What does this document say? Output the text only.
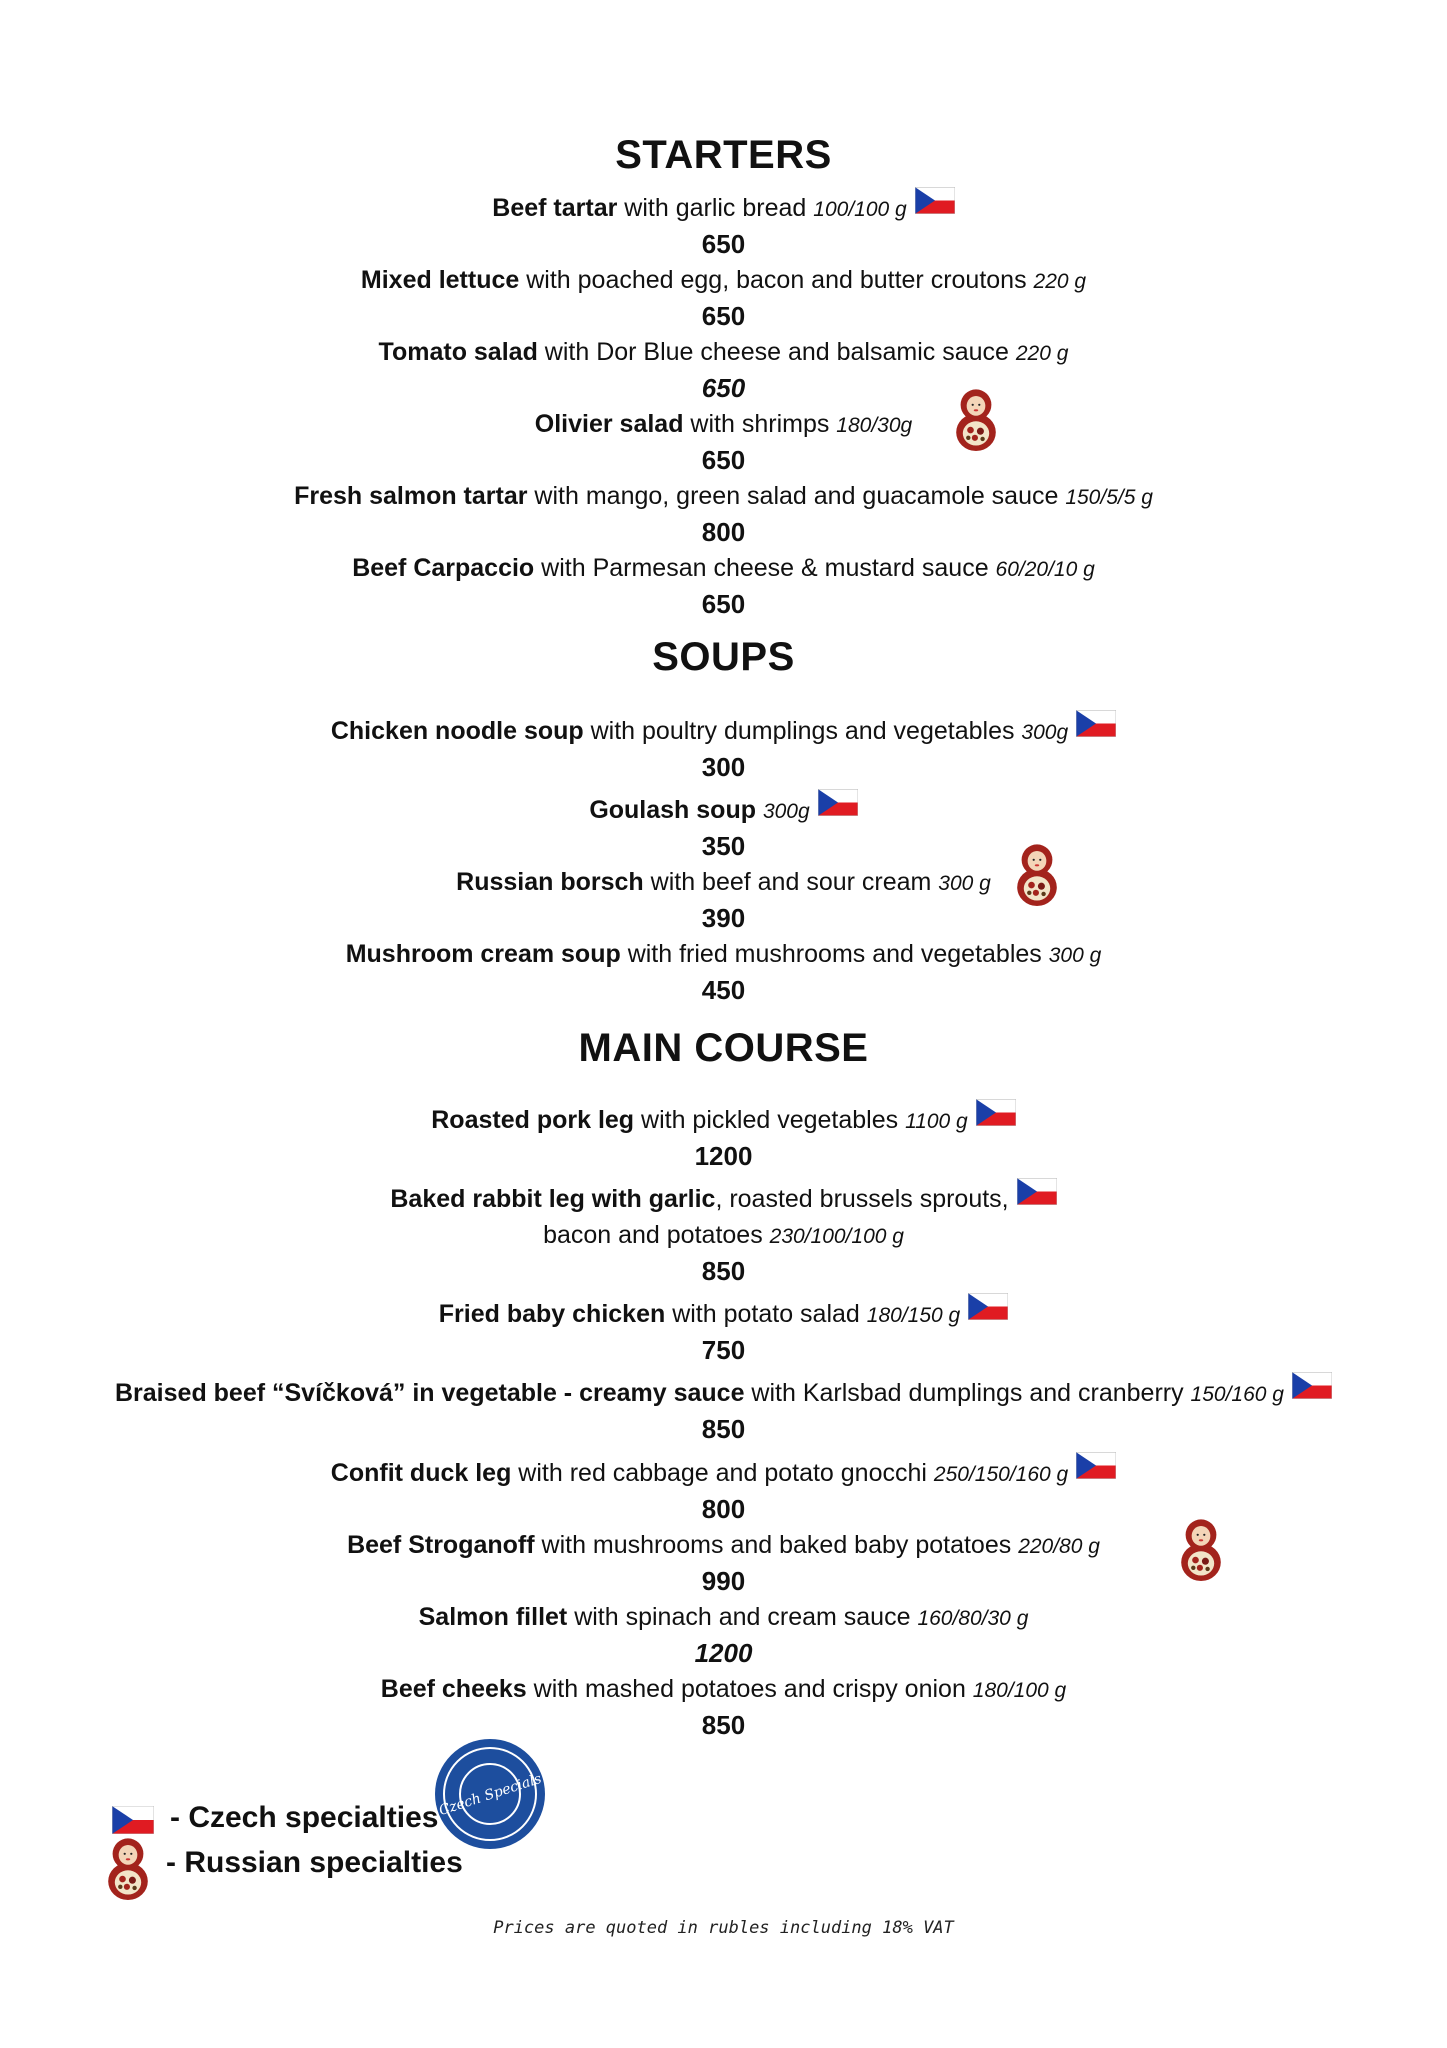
STARTERS
Beef tartar with garlic bread 100/100 g
650
Mixed lettuce with poached egg, bacon and butter croutons 220 g
650
Tomato salad with Dor Blue cheese and balsamic sauce 220 g
650
Olivier salad with shrimps 180/30g
650
Fresh salmon tartar with mango, green salad and guacamole sauce 150/5/5 g
800
Beef Carpaccio with Parmesan cheese & mustard sauce 60/20/10 g
650
SOUPS
Chicken noodle soup with poultry dumplings and vegetables 300g
300
Goulash soup 300g
350
Russian borsch with beef and sour cream 300 g
390
Mushroom cream soup with fried mushrooms and vegetables 300 g
450
MAIN COURSE
Roasted pork leg with pickled vegetables 1100 g
1200
Baked rabbit leg with garlic, roasted brussels sprouts,
bacon and potatoes 230/100/100 g
850
Fried baby chicken with potato salad 180/150 g
750
Braised beef “Svíčková” in vegetable - creamy sauce with Karlsbad dumplings and cranberry 150/160 g
850
Confit duck leg with red cabbage and potato gnocchi 250/150/160 g
800
Beef Stroganoff with mushrooms and baked baby potatoes 220/80 g
990
Salmon fillet with spinach and cream sauce 160/80/30 g
1200
Beef cheeks with mashed potatoes and crispy onion 180/100 g
850
Czech Specials
- Czech specialties
- Russian specialties
Prices are quoted in rubles including 18% VAT
